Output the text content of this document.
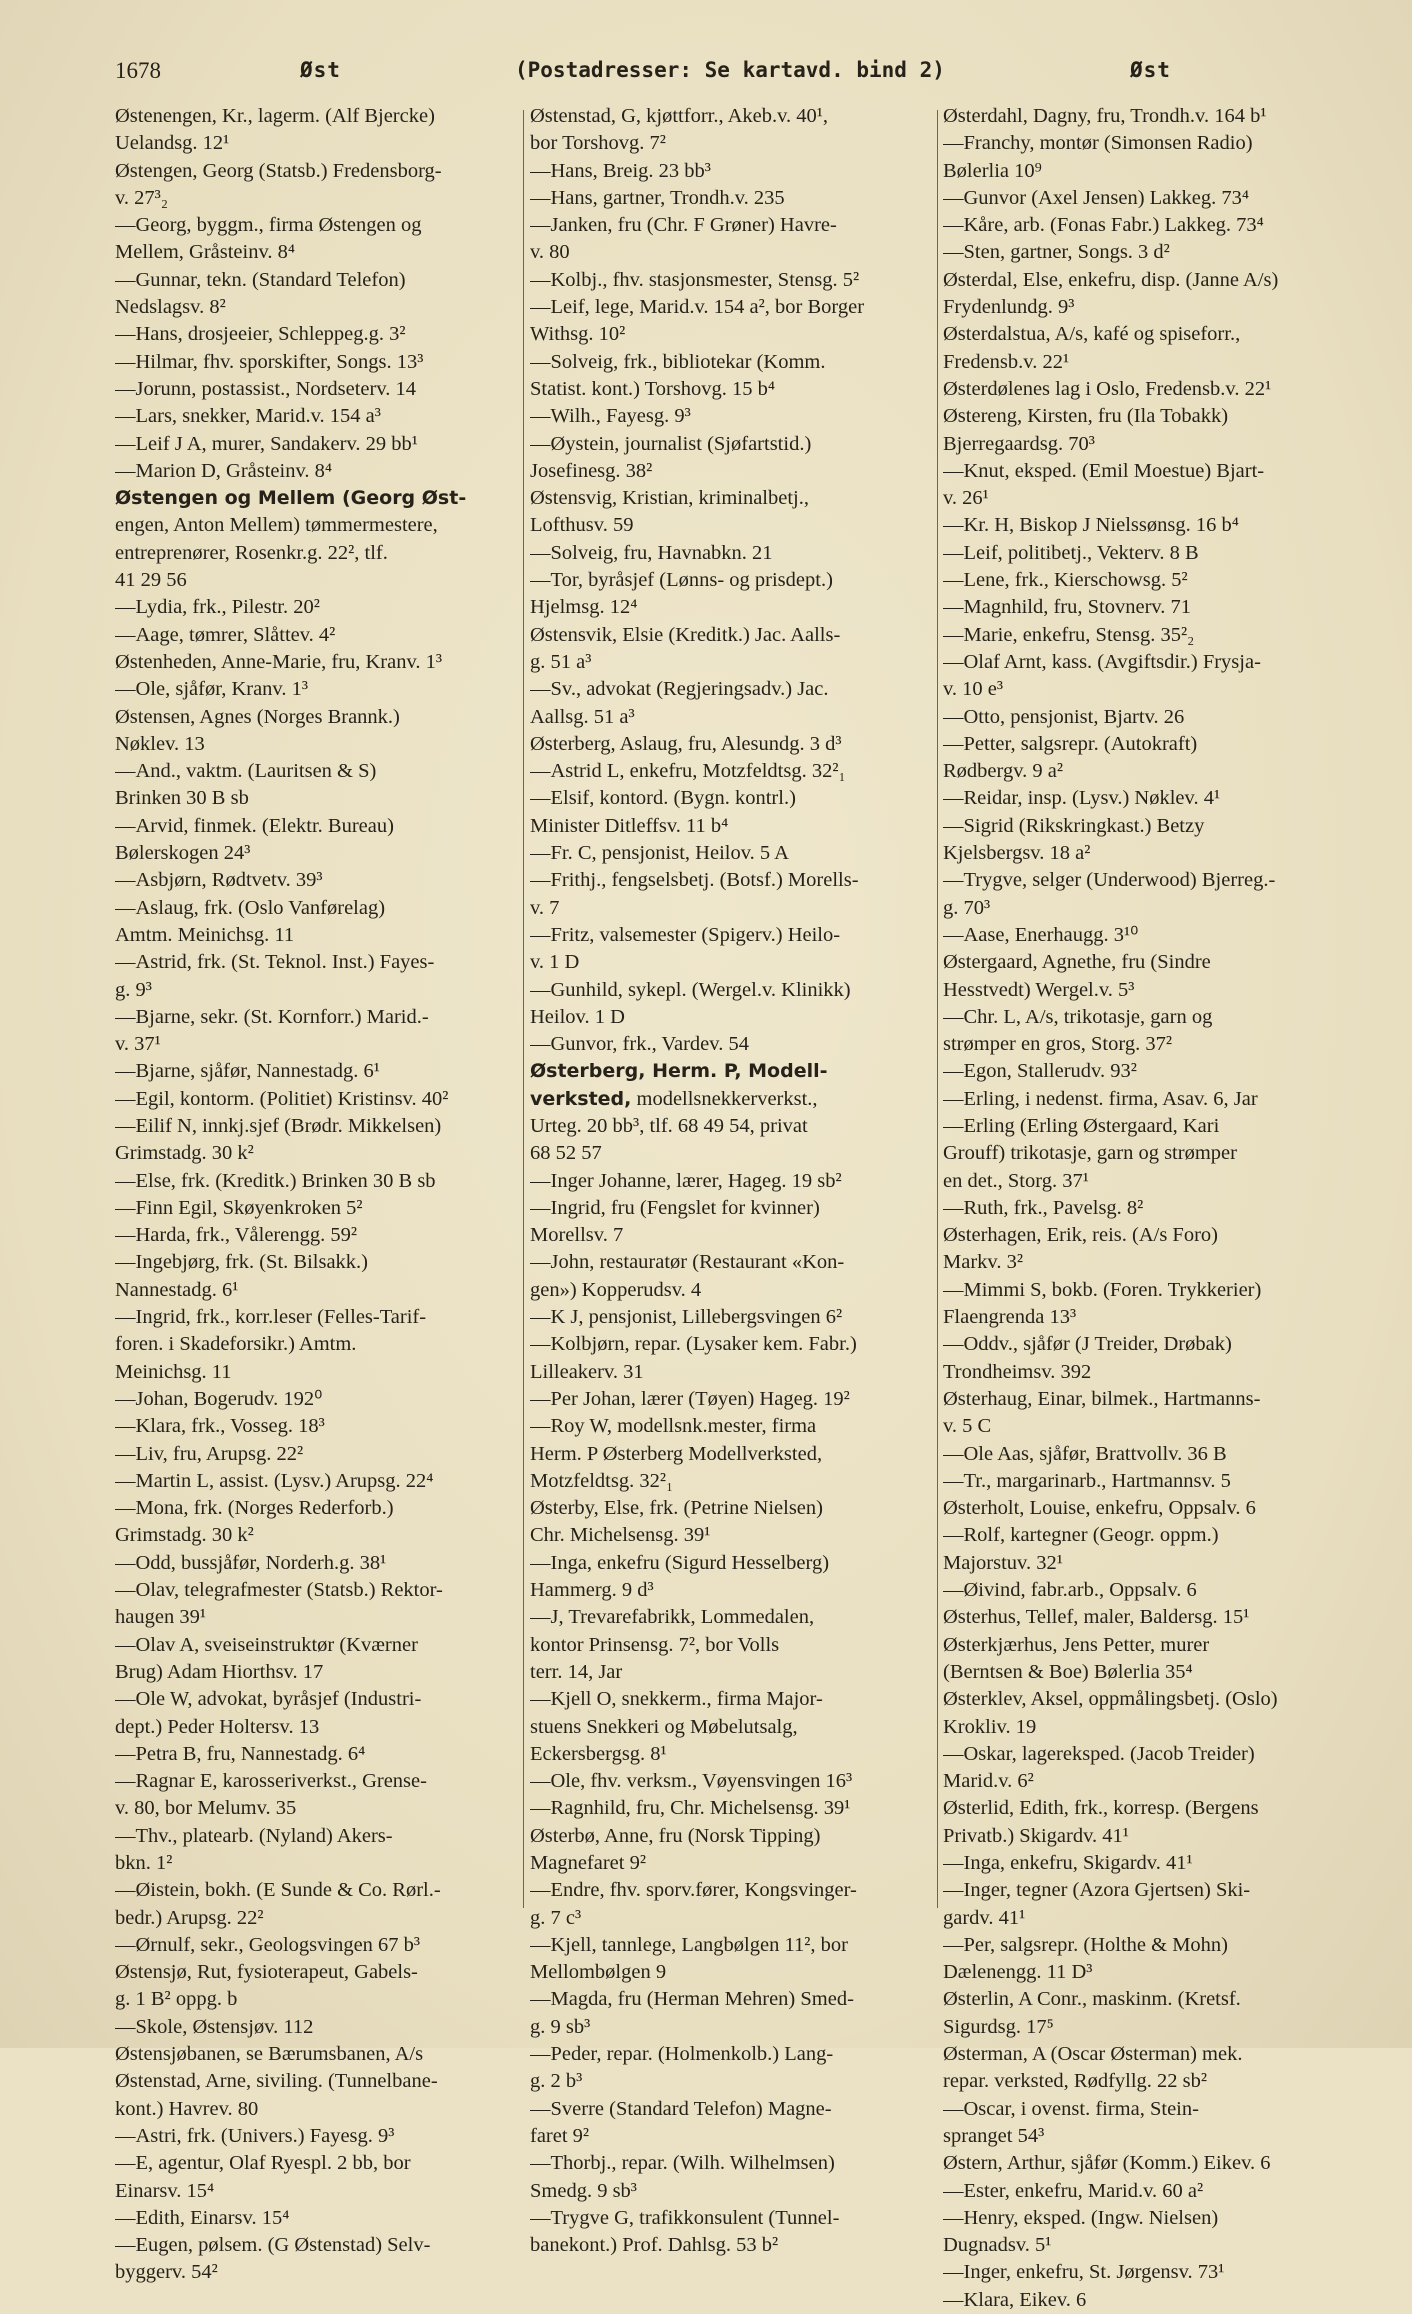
1678	Øst	(Postadresser: Se kartavd. bind 2)	Øst
Østenengen, Kr., lagerm. (Alf Bjercke)
Uelandsg. 12¹
Østengen, Georg (Statsb.) Fredensborg-
v. 27³₂
—Georg, byggm., firma Østengen og
Mellem, Gråsteinv. 8⁴
—Gunnar, tekn. (Standard Telefon)
Nedslagsv. 8²
—Hans, drosjeeier, Schleppeg.g. 3²
—Hilmar, fhv. sporskifter, Songs. 13³
—Jorunn, postassist., Nordseterv. 14
—Lars, snekker, Marid.v. 154 a³
—Leif J A, murer, Sandakerv. 29 bb¹
—Marion D, Gråsteinv. 8⁴
Østengen og Mellem (Georg Øst-
engen, Anton Mellem) tømmermestere,
entreprenører, Rosenkr.g. 22², tlf.
41 29 56
—Lydia, frk., Pilestr. 20²
—Aage, tømrer, Slåttev. 4²
Østenheden, Anne-Marie, fru, Kranv. 1³
—Ole, sjåfør, Kranv. 1³
Østensen, Agnes (Norges Brannk.)
Nøklev. 13
—And., vaktm. (Lauritsen & S)
Brinken 30 B sb
—Arvid, finmek. (Elektr. Bureau)
Bølerskogen 24³
—Asbjørn, Rødtvetv. 39³
—Aslaug, frk. (Oslo Vanførelag)
Amtm. Meinichsg. 11
—Astrid, frk. (St. Teknol. Inst.) Fayes-
g. 9³
—Bjarne, sekr. (St. Kornforr.) Marid.-
v. 37¹
—Bjarne, sjåfør, Nannestadg. 6¹
—Egil, kontorm. (Politiet) Kristinsv. 40²
—Eilif N, innkj.sjef (Brødr. Mikkelsen)
Grimstadg. 30 k²
—Else, frk. (Kreditk.) Brinken 30 B sb
—Finn Egil, Skøyenkroken 5²
—Harda, frk., Vålerengg. 59²
—Ingebjørg, frk. (St. Bilsakk.)
Nannestadg. 6¹
—Ingrid, frk., korr.leser (Felles-Tarif-
foren. i Skadeforsikr.) Amtm.
Meinichsg. 11
—Johan, Bogerudv. 192⁰
—Klara, frk., Vosseg. 18³
—Liv, fru, Arupsg. 22²
—Martin L, assist. (Lysv.) Arupsg. 22⁴
—Mona, frk. (Norges Rederforb.)
Grimstadg. 30 k²
—Odd, bussjåfør, Norderh.g. 38¹
—Olav, telegrafmester (Statsb.) Rektor-
haugen 39¹
—Olav A, sveiseinstruktør (Kværner
Brug) Adam Hiorthsv. 17
—Ole W, advokat, byråsjef (Industri-
dept.) Peder Holtersv. 13
—Petra B, fru, Nannestadg. 6⁴
—Ragnar E, karosseriverkst., Grense-
v. 80, bor Melumv. 35
—Thv., platearb. (Nyland) Akers-
bkn. 1²
—Øistein, bokh. (E Sunde & Co. Rørl.-
bedr.) Arupsg. 22²
—Ørnulf, sekr., Geologsvingen 67 b³
Østensjø, Rut, fysioterapeut, Gabels-
g. 1 B² oppg. b
—Skole, Østensjøv. 112
Østensjøbanen, se Bærumsbanen, A/s
Østenstad, Arne, siviling. (Tunnelbane-
kont.) Havrev. 80
—Astri, frk. (Univers.) Fayesg. 9³
—E, agentur, Olaf Ryespl. 2 bb, bor
Einarsv. 15⁴
—Edith, Einarsv. 15⁴
—Eugen, pølsem. (G Østenstad) Selv-
byggerv. 54²
Østenstad, G, kjøttforr., Akeb.v. 40¹,
bor Torshovg. 7²
—Hans, Breig. 23 bb³
—Hans, gartner, Trondh.v. 235
—Janken, fru (Chr. F Grøner) Havre-
v. 80
—Kolbj., fhv. stasjonsmester, Stensg. 5²
—Leif, lege, Marid.v. 154 a², bor Borger
Withsg. 10²
—Solveig, frk., bibliotekar (Komm.
Statist. kont.) Torshovg. 15 b⁴
—Wilh., Fayesg. 9³
—Øystein, journalist (Sjøfartstid.)
Josefinesg. 38²
Østensvig, Kristian, kriminalbetj.,
Lofthusv. 59
—Solveig, fru, Havnabkn. 21
—Tor, byråsjef (Lønns- og prisdept.)
Hjelmsg. 12⁴
Østensvik, Elsie (Kreditk.) Jac. Aalls-
g. 51 a³
—Sv., advokat (Regjeringsadv.) Jac.
Aallsg. 51 a³
Østerberg, Aslaug, fru, Alesundg. 3 d³
—Astrid L, enkefru, Motzfeldtsg. 32²₁
—Elsif, kontord. (Bygn. kontrl.)
Minister Ditleffsv. 11 b⁴
—Fr. C, pensjonist, Heilov. 5 A
—Frithj., fengselsbetj. (Botsf.) Morells-
v. 7
—Fritz, valsemester (Spigerv.) Heilo-
v. 1 D
—Gunhild, sykepl. (Wergel.v. Klinikk)
Heilov. 1 D
—Gunvor, frk., Vardev. 54
Østerberg, Herm. P, Modell-
verksted, modellsnekkerverkst.,
Urteg. 20 bb³, tlf. 68 49 54, privat
68 52 57
—Inger Johanne, lærer, Hageg. 19 sb²
—Ingrid, fru (Fengslet for kvinner)
Morellsv. 7
—John, restauratør (Restaurant «Kon-
gen») Kopperudsv. 4
—K J, pensjonist, Lillebergsvingen 6²
—Kolbjørn, repar. (Lysaker kem. Fabr.)
Lilleakerv. 31
—Per Johan, lærer (Tøyen) Hageg. 19²
—Roy W, modellsnk.mester, firma
Herm. P Østerberg Modellverksted,
Motzfeldtsg. 32²₁
Østerby, Else, frk. (Petrine Nielsen)
Chr. Michelsensg. 39¹
—Inga, enkefru (Sigurd Hesselberg)
Hammerg. 9 d³
—J, Trevarefabrikk, Lommedalen,
kontor Prinsensg. 7², bor Volls
terr. 14, Jar
—Kjell O, snekkerm., firma Major-
stuens Snekkeri og Møbelutsalg,
Eckersbergsg. 8¹
—Ole, fhv. verksm., Vøyensvingen 16³
—Ragnhild, fru, Chr. Michelsensg. 39¹
Østerbø, Anne, fru (Norsk Tipping)
Magnefaret 9²
—Endre, fhv. sporv.fører, Kongsvinger-
g. 7 c³
—Kjell, tannlege, Langbølgen 11², bor
Mellombølgen 9
—Magda, fru (Herman Mehren) Smed-
g. 9 sb³
—Peder, repar. (Holmenkolb.) Lang-
g. 2 b³
—Sverre (Standard Telefon) Magne-
faret 9²
—Thorbj., repar. (Wilh. Wilhelmsen)
Smedg. 9 sb³
—Trygve G, trafikkonsulent (Tunnel-
banekont.) Prof. Dahlsg. 53 b²
Østerdahl, Dagny, fru, Trondh.v. 164 b¹
—Franchy, montør (Simonsen Radio)
Bølerlia 10⁹
—Gunvor (Axel Jensen) Lakkeg. 73⁴
—Kåre, arb. (Fonas Fabr.) Lakkeg. 73⁴
—Sten, gartner, Songs. 3 d²
Østerdal, Else, enkefru, disp. (Janne A/s)
Frydenlundg. 9³
Østerdalstua, A/s, kafé og spiseforr.,
Fredensb.v. 22¹
Østerdølenes lag i Oslo, Fredensb.v. 22¹
Østereng, Kirsten, fru (Ila Tobakk)
Bjerregaardsg. 70³
—Knut, eksped. (Emil Moestue) Bjart-
v. 26¹
—Kr. H, Biskop J Nielssønsg. 16 b⁴
—Leif, politibetj., Vekterv. 8 B
—Lene, frk., Kierschowsg. 5²
—Magnhild, fru, Stovnerv. 71
—Marie, enkefru, Stensg. 35²₂
—Olaf Arnt, kass. (Avgiftsdir.) Frysja-
v. 10 e³
—Otto, pensjonist, Bjartv. 26
—Petter, salgsrepr. (Autokraft)
Rødbergv. 9 a²
—Reidar, insp. (Lysv.) Nøklev. 4¹
—Sigrid (Rikskringkast.) Betzy
Kjelsbergsv. 18 a²
—Trygve, selger (Underwood) Bjerreg.-
g. 70³
—Aase, Enerhaugg. 3¹⁰
Østergaard, Agnethe, fru (Sindre
Hesstvedt) Wergel.v. 5³
—Chr. L, A/s, trikotasje, garn og
strømper en gros, Storg. 37²
—Egon, Stallerudv. 93²
—Erling, i nedenst. firma, Asav. 6, Jar
—Erling (Erling Østergaard, Kari
Grouff) trikotasje, garn og strømper
en det., Storg. 37¹
—Ruth, frk., Pavelsg. 8²
Østerhagen, Erik, reis. (A/s Foro)
Markv. 3²
—Mimmi S, bokb. (Foren. Trykkerier)
Flaengrenda 13³
—Oddv., sjåfør (J Treider, Drøbak)
Trondheimsv. 392
Østerhaug, Einar, bilmek., Hartmanns-
v. 5 C
—Ole Aas, sjåfør, Brattvollv. 36 B
—Tr., margarinarb., Hartmannsv. 5
Østerholt, Louise, enkefru, Oppsalv. 6
—Rolf, kartegner (Geogr. oppm.)
Majorstuv. 32¹
—Øivind, fabr.arb., Oppsalv. 6
Østerhus, Tellef, maler, Baldersg. 15¹
Østerkjærhus, Jens Petter, murer
(Berntsen & Boe) Bølerlia 35⁴
Østerklev, Aksel, oppmålingsbetj. (Oslo)
Krokliv. 19
—Oskar, lagereksped. (Jacob Treider)
Marid.v. 6²
Østerlid, Edith, frk., korresp. (Bergens
Privatb.) Skigardv. 41¹
—Inga, enkefru, Skigardv. 41¹
—Inger, tegner (Azora Gjertsen) Ski-
gardv. 41¹
—Per, salgsrepr. (Holthe & Mohn)
Dælenengg. 11 D³
Østerlin, A Conr., maskinm. (Kretsf.
Sigurdsg. 17⁵
Østerman, A (Oscar Østerman) mek.
repar. verksted, Rødfyllg. 22 sb²
—Oscar, i ovenst. firma, Stein-
spranget 54³
Østern, Arthur, sjåfør (Komm.) Eikev. 6
—Ester, enkefru, Marid.v. 60 a²
—Henry, eksped. (Ingw. Nielsen)
Dugnadsv. 5¹
—Inger, enkefru, St. Jørgensv. 73¹
—Klara, Eikev. 6
